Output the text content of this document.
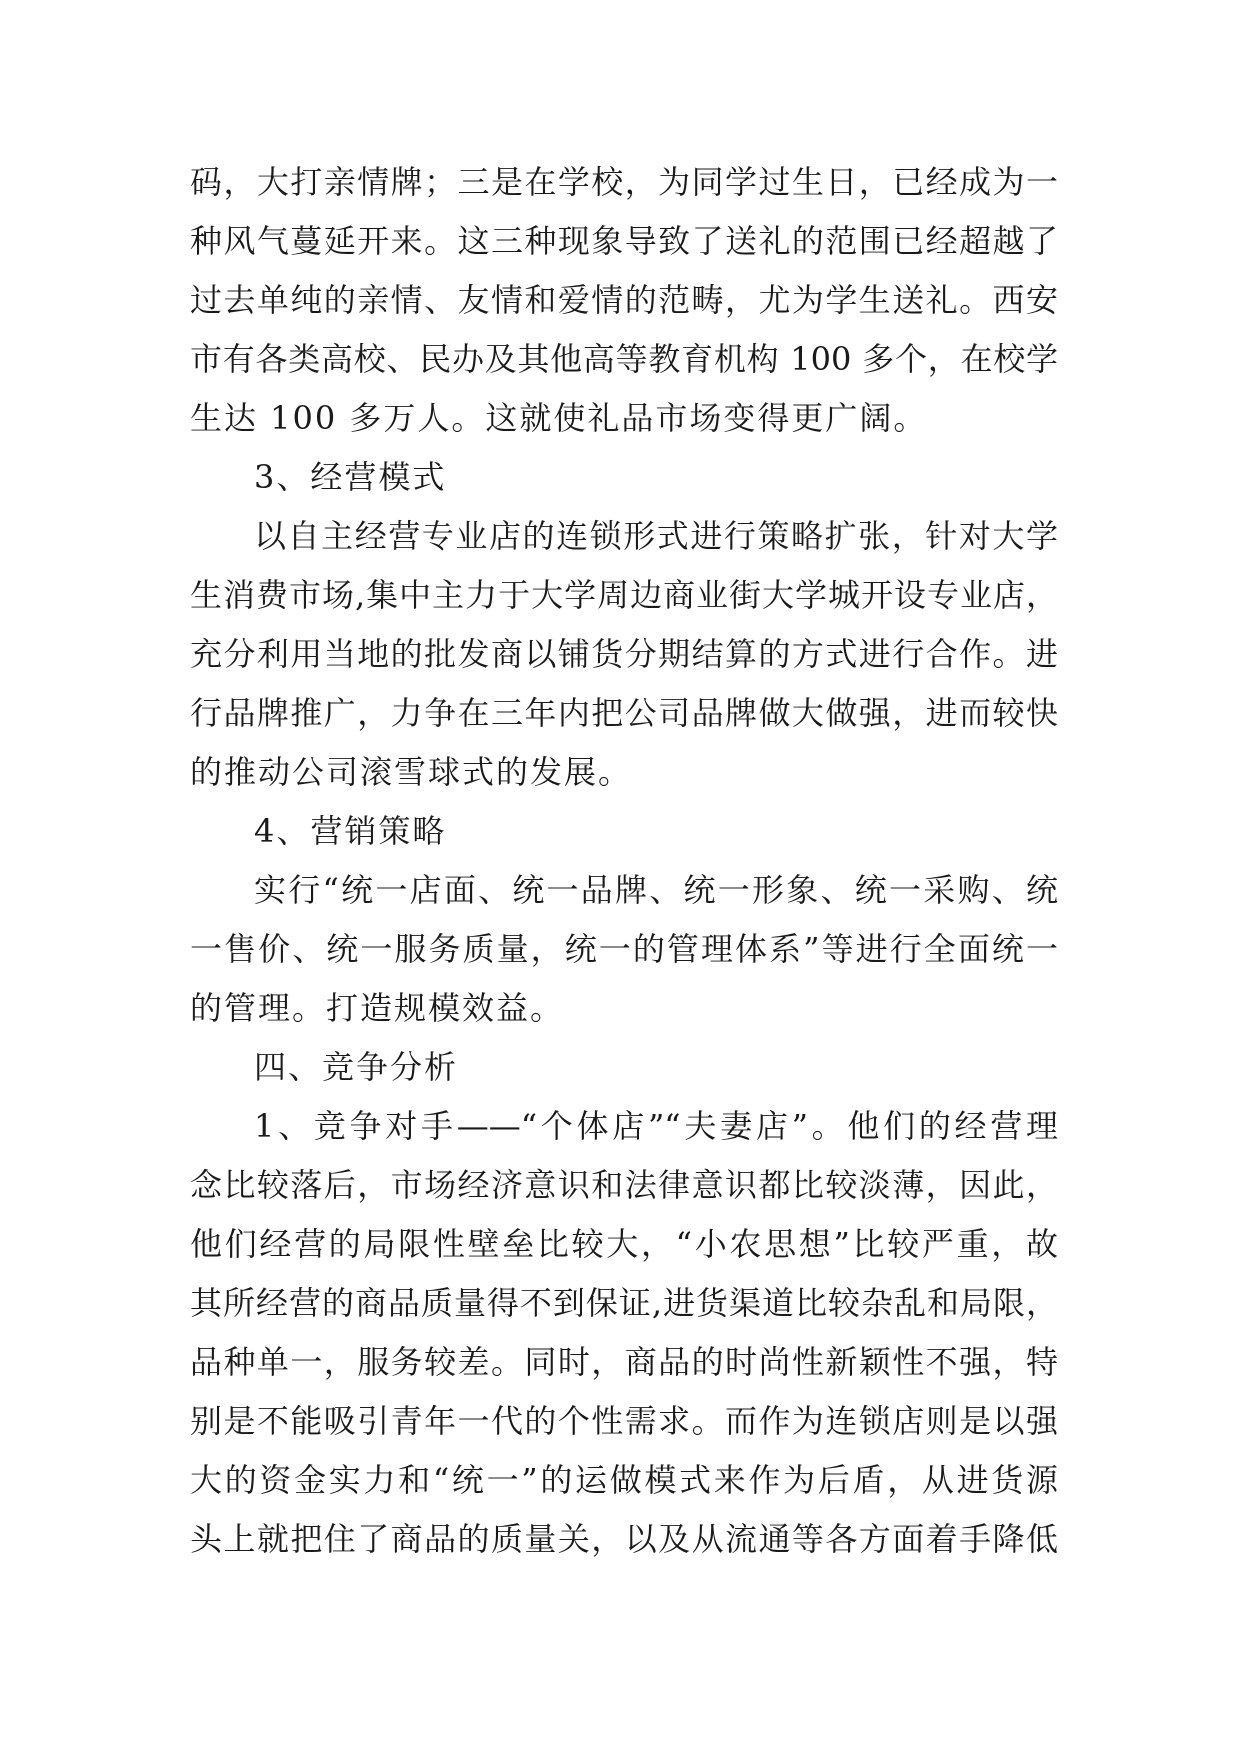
码，大打亲情牌；三是在学校，为同学过生日，已经成为一
种风气蔓延开来。这三种现象导致了送礼的范围已经超越了
过去单纯的亲情、友情和爱情的范畴，尤为学生送礼。西安
市有各类高校、民办及其他高等教育机构 100 多个，在校学
生达 100 多万人。这就使礼品市场变得更广阔。
3、经营模式
以自主经营专业店的连锁形式进行策略扩张，针对大学
生消费市场,集中主力于大学周边商业街大学城开设专业店，
充分利用当地的批发商以铺货分期结算的方式进行合作。进
行品牌推广，力争在三年内把公司品牌做大做强，进而较快
的推动公司滚雪球式的发展。
4、营销策略
实行“统一店面、统一品牌、统一形象、统一采购、统
一售价、统一服务质量，统一的管理体系”等进行全面统一
的管理。打造规模效益。
四、竞争分析
1、竞争对手——“个体店”“夫妻店”。他们的经营理
念比较落后，市场经济意识和法律意识都比较淡薄，因此，
他们经营的局限性壁垒比较大，“小农思想”比较严重，故
其所经营的商品质量得不到保证,进货渠道比较杂乱和局限，
品种单一，服务较差。同时，商品的时尚性新颖性不强，特
别是不能吸引青年一代的个性需求。而作为连锁店则是以强
大的资金实力和“统一”的运做模式来作为后盾，从进货源
头上就把住了商品的质量关，以及从流通等各方面着手降低
